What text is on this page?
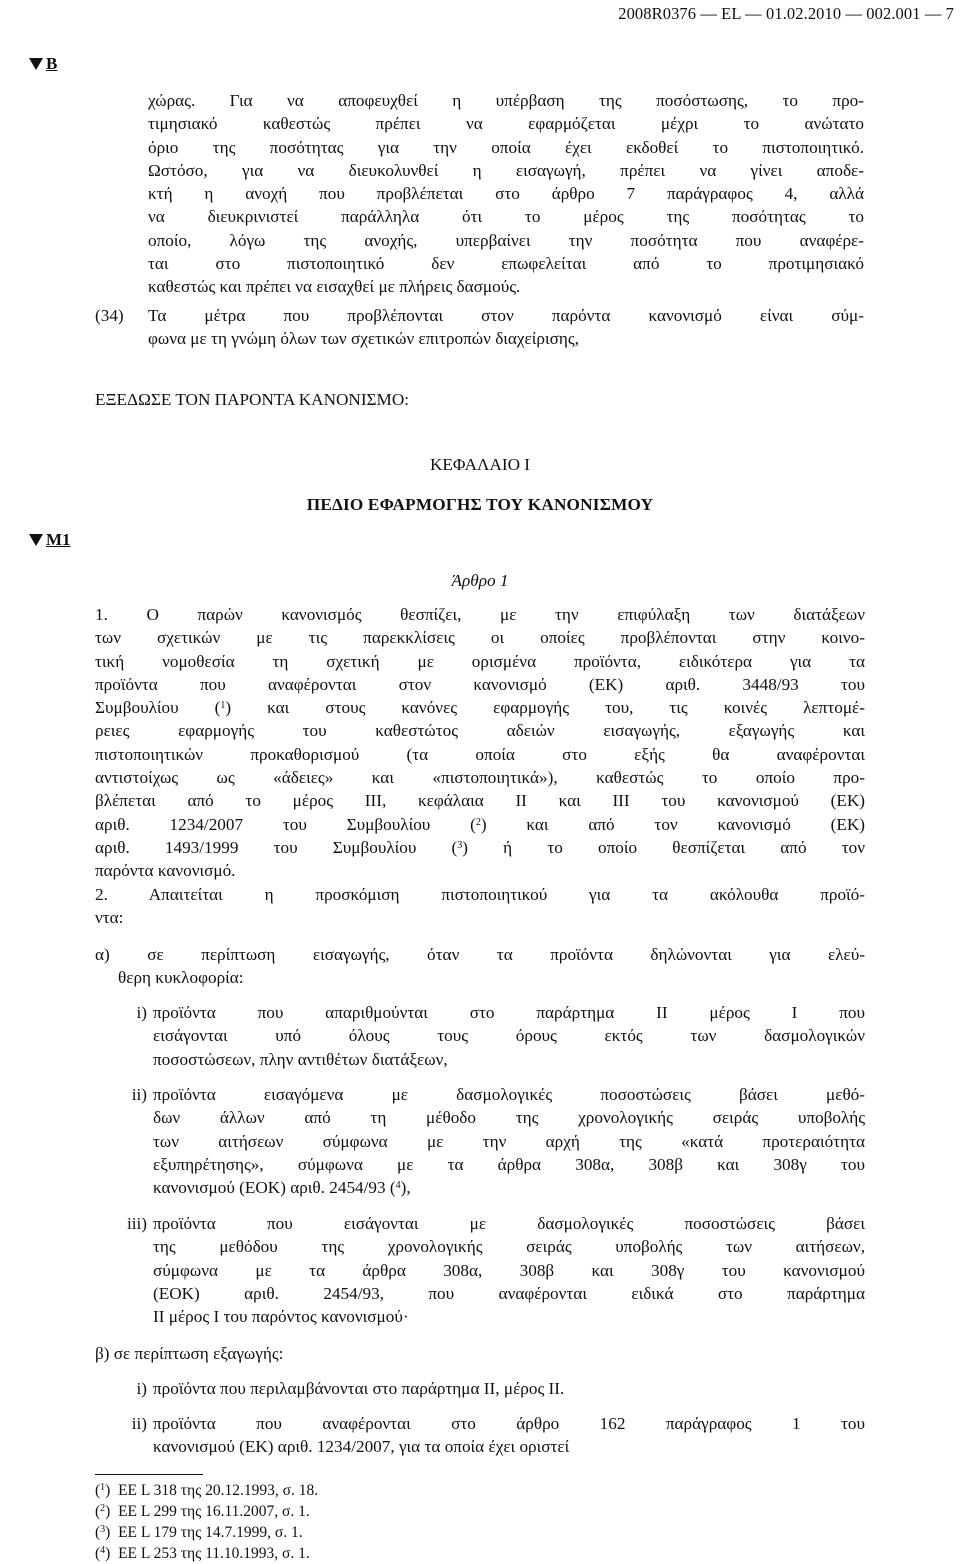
2008R0376 — EL — 01.02.2010 — 002.001 — 7
B

χώρας. Για να αποφευχθεί η υπέρβαση της ποσόστωσης, το προ-

τιμησιακό καθεστώς πρέπει να εφαρμόζεται μέχρι το ανώτατο

όριο της ποσότητας για την οποία έχει εκδοθεί το πιστοποιητικό.

Ωστόσο, για να διευκολυνθεί η εισαγωγή, πρέπει να γίνει αποδε-

κτή η ανοχή που προβλέπεται στο άρθρο 7 παράγραφος 4, αλλά

να διευκρινιστεί παράλληλα ότι το μέρος της ποσότητας το

οποίο, λόγω της ανοχής, υπερβαίνει την ποσότητα που αναφέρε-

ται στο πιστοποιητικό δεν επωφελείται από το προτιμησιακό

καθεστώς και πρέπει να εισαχθεί με πλήρεις δασμούς.

(34) Τα μέτρα που προβλέπονται στον παρόντα κανονισμό είναι σύμ-

φωνα με τη γνώμη όλων των σχετικών επιτροπών διαχείρισης,

ΕΞΕΔΩΣΕ ΤΟΝ ΠΑΡΟΝΤΑ ΚΑΝΟΝΙΣΜΟ:
ΚΕΦΑΛΑΙΟ I
ΠΕΔΙΟ ΕΦΑΡΜΟΓΗΣ ΤΟΥ ΚΑΝΟΝΙΣΜΟΥ
M1
Άρθρο 1

1. Ο παρών κανονισμός θεσπίζει, με την επιφύλαξη των διατάξεων

των σχετικών με τις παρεκκλίσεις οι οποίες προβλέπονται στην κοινο-

τική νομοθεσία τη σχετική με ορισμένα προϊόντα, ειδικότερα για τα

προϊόντα που αναφέρονται στον κανονισμό (ΕΚ) αριθ. 3448/93 του

Συμβουλίου ($^1$) και στους κανόνες εφαρμογής του, τις κοινές λεπτομέ-

ρειες εφαρμογής του καθεστώτος αδειών εισαγωγής, εξαγωγής και

πιστοποιητικών προκαθορισμού (τα οποία στο εξής θα αναφέρονται

αντιστοίχως ως «άδειες» και «πιστοποιητικά»), καθεστώς το οποίο προ-

βλέπεται από το μέρος III, κεφάλαια II και III του κανονισμού (ΕΚ)

αριθ. 1234/2007 του Συμβουλίου ($^2$) και από τον κανονισμό (ΕΚ)

αριθ. 1493/1999 του Συμβουλίου ($^3$) ή το οποίο θεσπίζεται από τον

παρόντα κανονισμό.

2. Απαιτείται η προσκόμιση πιστοποιητικού για τα ακόλουθα προϊό-

ντα:

α) σε περίπτωση εισαγωγής, όταν τα προϊόντα δηλώνονται για ελεύ-

θερη κυκλοφορία:

i) προϊόντα που απαριθμούνται στο παράρτημα II μέρος I που

εισάγονται υπό όλους τους όρους εκτός των δασμολογικών

ποσοστώσεων, πλην αντιθέτων διατάξεων,

ii) προϊόντα εισαγόμενα με δασμολογικές ποσοστώσεις βάσει μεθό-

δων άλλων από τη μέθοδο της χρονολογικής σειράς υποβολής

των αιτήσεων σύμφωνα με την αρχή της «κατά προτεραιότητα

εξυπηρέτησης», σύμφωνα με τα άρθρα 308α, 308β και 308γ του

κανονισμού (ΕΟΚ) αριθ. 2454/93 ($^4$),

iii) προϊόντα που εισάγονται με δασμολογικές ποσοστώσεις βάσει

της μεθόδου της χρονολογικής σειράς υποβολής των αιτήσεων,

σύμφωνα με τα άρθρα 308α, 308β και 308γ του κανονισμού

(ΕΟΚ) αριθ. 2454/93, που αναφέρονται ειδικά στο παράρτημα

II μέρος I του παρόντος κανονισμού·

β) σε περίπτωση εξαγωγής:
i) προϊόντα που περιλαμβάνονται στο παράρτημα II, μέρος II.

ii) προϊόντα που αναφέρονται στο άρθρο 162 παράγραφος 1 του

κανονισμού (ΕΚ) αριθ. 1234/2007, για τα οποία έχει οριστεί

($^1$)  ΕΕ L 318 της 20.12.1993, σ. 18.
($^2$)  ΕΕ L 299 της 16.11.2007, σ. 1.
($^3$)  ΕΕ L 179 της 14.7.1999, σ. 1.
($^4$)  ΕΕ L 253 της 11.10.1993, σ. 1.
